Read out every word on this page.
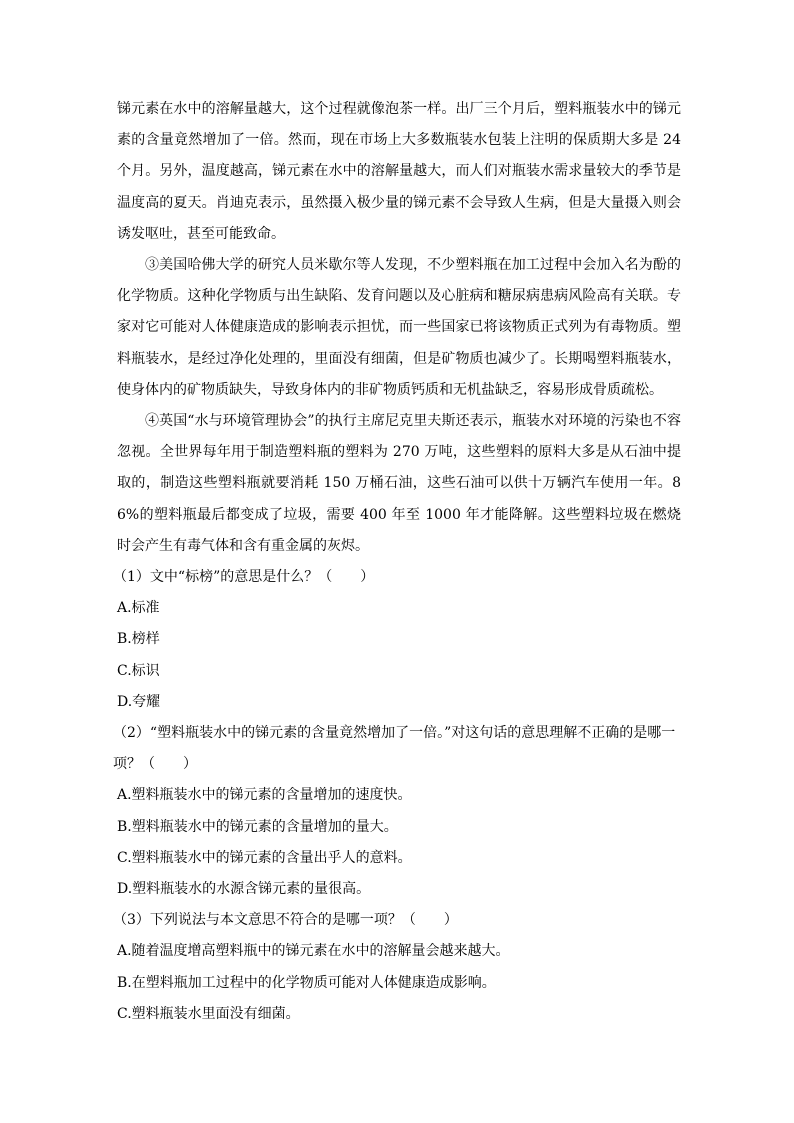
锑元素在水中的溶解量越大，这个过程就像泡茶一样。出厂三个月后，塑料瓶装水中的锑元素的含量竟然增加了一倍。然而，现在市场上大多数瓶装水包装上注明的保质期大多是 24 个月。另外，温度越高，锑元素在水中的溶解量越大，而人们对瓶装水需求量较大的季节是温度高的夏天。肖迪克表示，虽然摄入极少量的锑元素不会导致人生病，但是大量摄入则会诱发呕吐，甚至可能致命。

③美国哈佛大学的研究人员米歇尔等人发现，不少塑料瓶在加工过程中会加入名为酚的化学物质。这种化学物质与出生缺陷、发育问题以及心脏病和糖尿病患病风险高有关联。专家对它可能对人体健康造成的影响表示担忧，而一些国家已将该物质正式列为有毒物质。塑料瓶装水，是经过净化处理的，里面没有细菌，但是矿物质也减少了。长期喝塑料瓶装水，使身体内的矿物质缺失，导致身体内的非矿物质钙质和无机盐缺乏，容易形成骨质疏松。

④英国“水与环境管理协会”的执行主席尼克里夫斯还表示，瓶装水对环境的污染也不容忽视。全世界每年用于制造塑料瓶的塑料为 270 万吨，这些塑料的原料大多是从石油中提取的，制造这些塑料瓶就要消耗 150 万桶石油，这些石油可以供十万辆汽车使用一年。86%的塑料瓶最后都变成了垃圾，需要 400 年至 1000 年才能降解。这些塑料垃圾在燃烧时会产生有毒气体和含有重金属的灰烬。

（1）文中“标榜”的意思是什么？（　　）

A.标准

B.榜样

C.标识

D.夸耀

（2）“塑料瓶装水中的锑元素的含量竟然增加了一倍。”对这句话的意思理解不正确的是哪一项？（　　）

A.塑料瓶装水中的锑元素的含量增加的速度快。

B.塑料瓶装水中的锑元素的含量增加的量大。

C.塑料瓶装水中的锑元素的含量出乎人的意料。

D.塑料瓶装水的水源含锑元素的量很高。

（3）下列说法与本文意思不符合的是哪一项？（　　）

A.随着温度增高塑料瓶中的锑元素在水中的溶解量会越来越大。

B.在塑料瓶加工过程中的化学物质可能对人体健康造成影响。

C.塑料瓶装水里面没有细菌。
